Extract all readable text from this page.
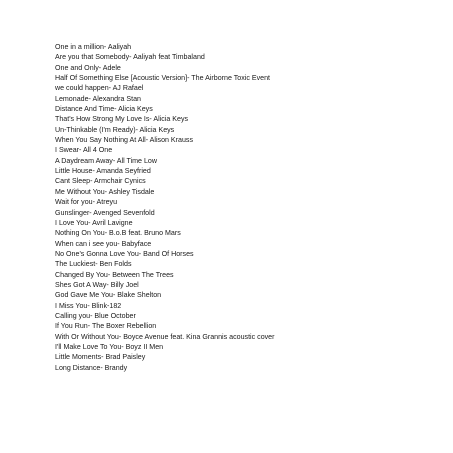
One in a million- Aaliyah
Are you that Somebody- Aaliyah feat Timbaland
One and Only- Adele
Half Of Something Else [Acoustic Version]- The Airborne Toxic Event
we could happen- AJ Rafael
Lemonade- Alexandra Stan
Distance And Time- Alicia Keys
That's How Strong My Love Is- Alicia Keys
Un-Thinkable (I'm Ready)- Alicia Keys
When You Say Nothing At All- Alison Krauss
I Swear- All 4 One
A Daydream Away- All Time Low
Little House- Amanda Seyfried
Cant Sleep- Armchair Cynics
Me Without You- Ashley Tisdale
Wait for you- Atreyu
Gunslinger- Avenged Sevenfold
I Love You- Avril Lavigne
Nothing On You- B.o.B feat. Bruno Mars
When can i see you- Babyface
No One's Gonna Love You- Band Of Horses
The Luckiest- Ben Folds
Changed By You- Between The Trees
Shes Got A Way- Billy Joel
God Gave Me You- Blake Shelton
I Miss You- Blink-182
Calling you- Blue October
If You Run- The Boxer Rebellion
With Or Without You- Boyce Avenue feat. Kina Grannis acoustic cover
I'll Make Love To You- Boyz II Men
Little Moments- Brad Paisley
Long Distance- Brandy
